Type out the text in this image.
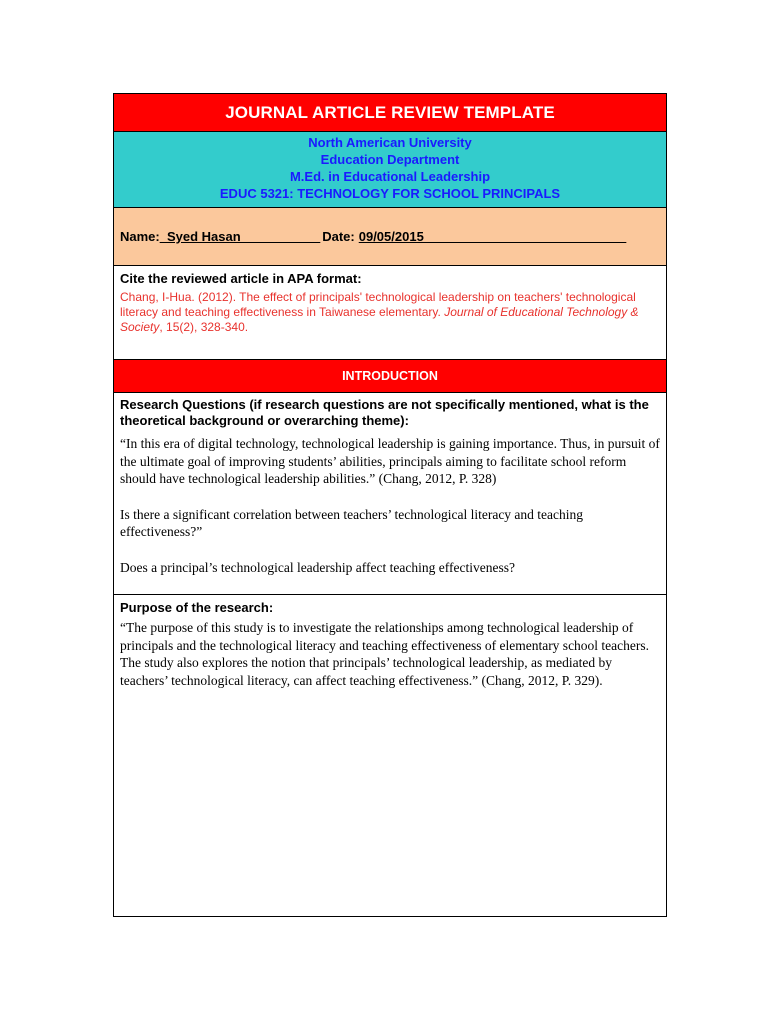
JOURNAL ARTICLE REVIEW TEMPLATE
North American University
Education Department
M.Ed. in Educational Leadership
EDUC 5321: TECHNOLOGY FOR SCHOOL PRINCIPALS
Name: _Syed Hasan___________ Date: 09/05/2015____________________________
Cite the reviewed article in APA format:
Chang, I-Hua. (2012). The effect of principals' technological leadership on teachers' technological literacy and teaching effectiveness in Taiwanese elementary. Journal of Educational Technology & Society, 15(2), 328-340.
INTRODUCTION
Research Questions (if research questions are not specifically mentioned, what is the theoretical background or overarching theme):
“In this era of digital technology, technological leadership is gaining importance. Thus, in pursuit of the ultimate goal of improving students’ abilities, principals aiming to facilitate school reform should have technological leadership abilities.” (Chang, 2012, P. 328)
Is there a significant correlation between teachers’ technological literacy and teaching effectiveness?”
Does a principal’s technological leadership affect teaching effectiveness?
Purpose of the research:
“The purpose of this study is to investigate the relationships among technological leadership of principals and the technological literacy and teaching effectiveness of elementary school teachers. The study also explores the notion that principals’ technological leadership, as mediated by teachers’ technological literacy, can affect teaching effectiveness.” (Chang, 2012, P. 329).
